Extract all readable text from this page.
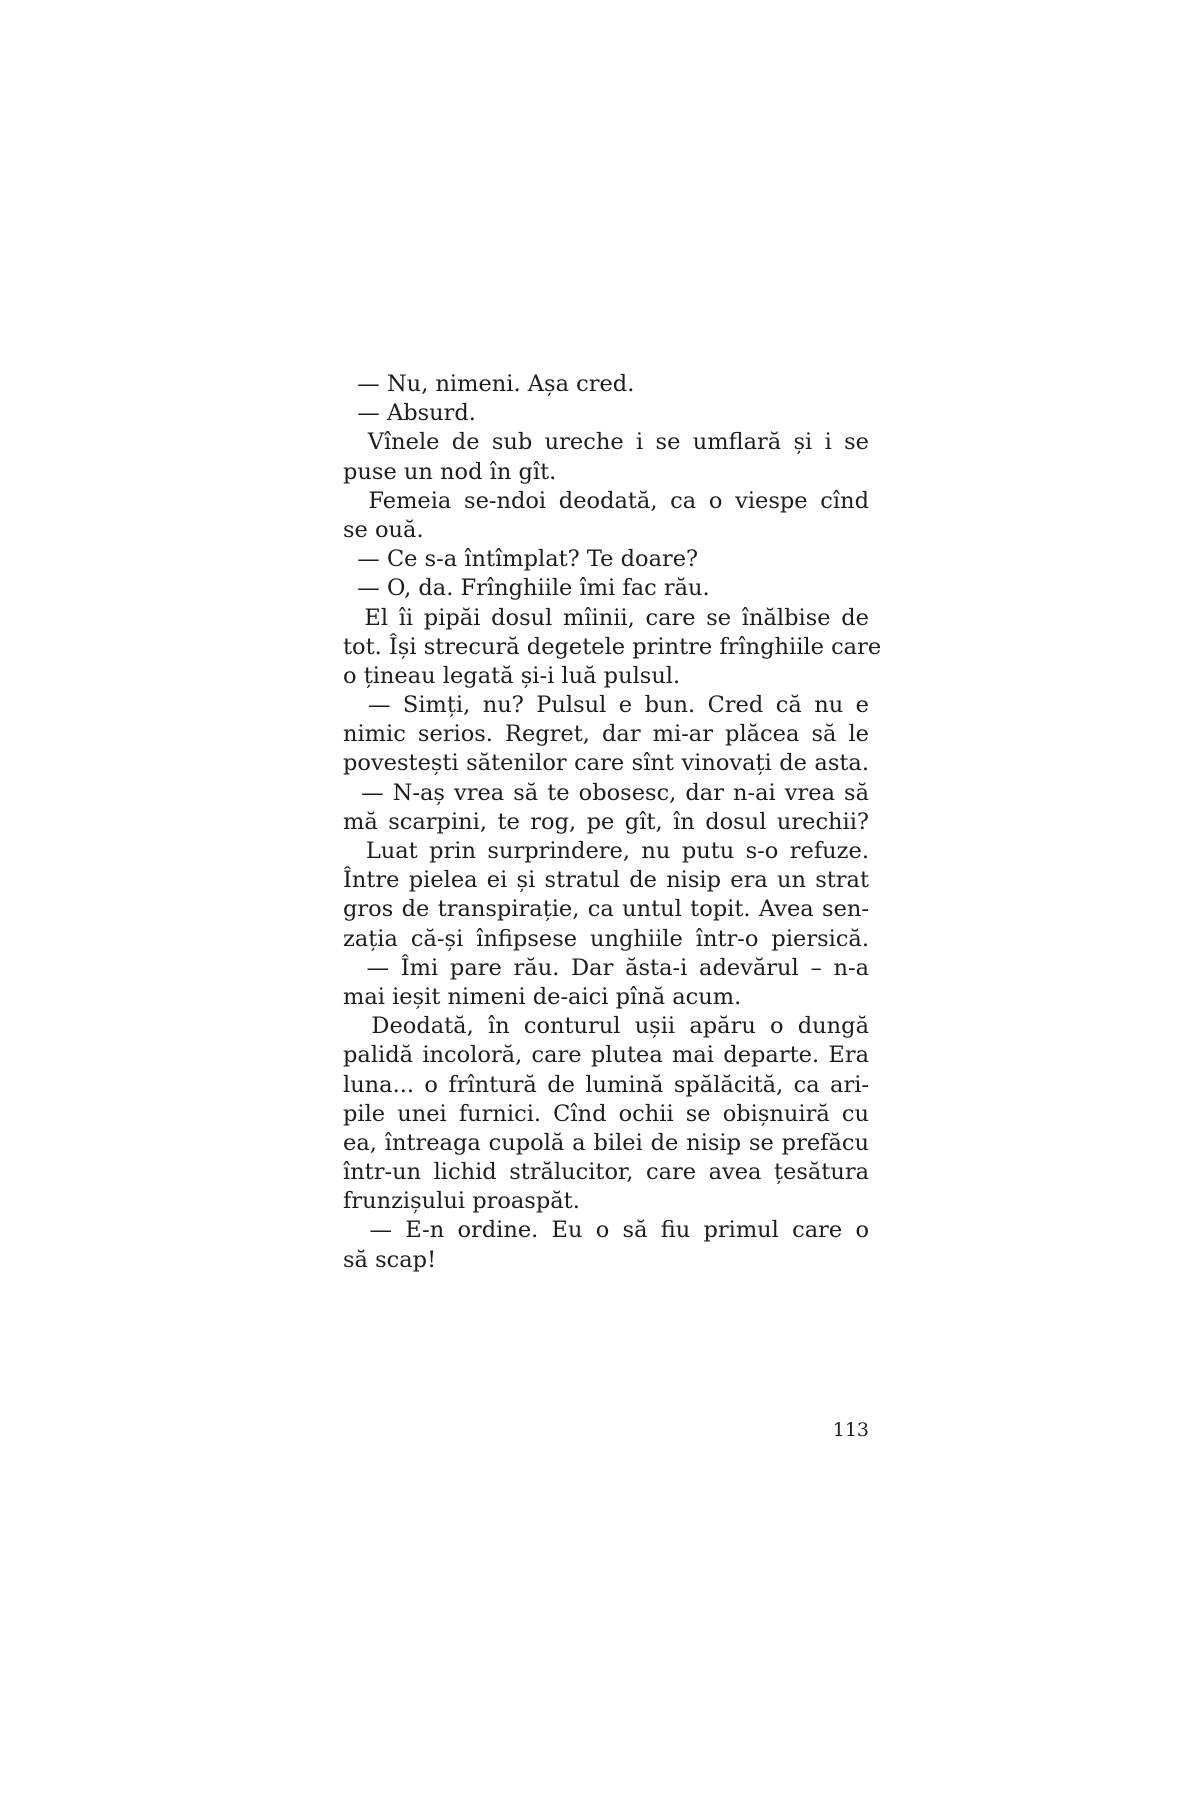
— Nu, nimeni. Așa cred.
— Absurd.
Vînele de sub ureche i se umflară și i se
puse un nod în gît.
Femeia se-ndoi deodată, ca o viespe cînd
se ouă.
— Ce s-a întîmplat? Te doare?
— O, da. Frînghiile îmi fac rău.
El îi pipăi dosul mîinii, care se înălbise de
tot. Își strecură degetele printre frînghiile care
o țineau legată și-i luă pulsul.
— Simți, nu? Pulsul e bun. Cred că nu e
nimic serios. Regret, dar mi-ar plăcea să le
povestești sătenilor care sînt vinovați de asta.
— N-aș vrea să te obosesc, dar n-ai vrea să
mă scarpini, te rog, pe gît, în dosul urechii?
Luat prin surprindere, nu putu s-o refuze.
Între pielea ei și stratul de nisip era un strat
gros de transpirație, ca untul topit. Avea sen-
zația că-și înfipsese unghiile într-o piersică.
— Îmi pare rău. Dar ăsta-i adevărul – n-a
mai ieșit nimeni de-aici pînă acum.
Deodată, în conturul ușii apăru o dungă
palidă incoloră, care plutea mai departe. Era
luna... o frîntură de lumină spălăcită, ca ari-
pile unei furnici. Cînd ochii se obișnuiră cu
ea, întreaga cupolă a bilei de nisip se prefăcu
într-un lichid strălucitor, care avea țesătura
frunzișului proaspăt.
— E-n ordine. Eu o să fiu primul care o
să scap!
113
